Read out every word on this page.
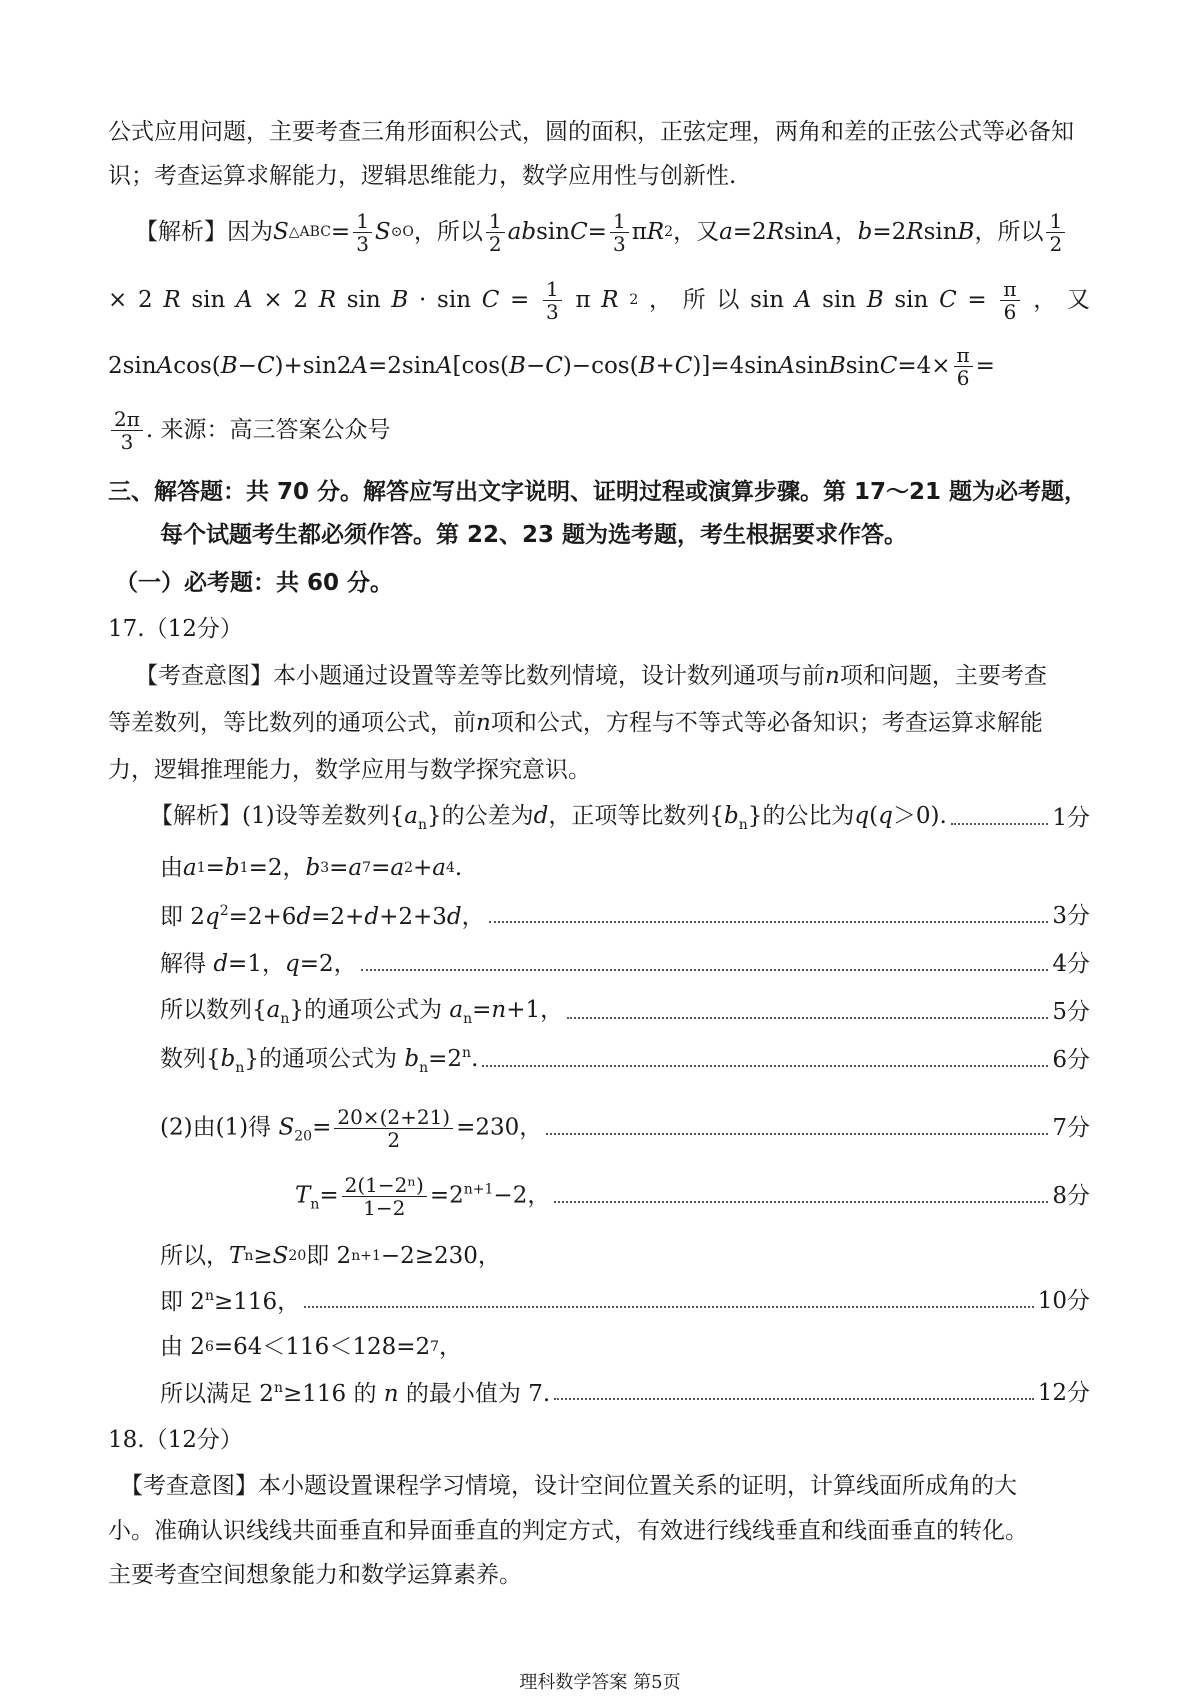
公式应用问题，主要考查三角形面积公式，圆的面积，正弦定理，两角和差的正弦公式等必备知
识；考查运算求解能力，逻辑思维能力，数学应用性与创新性.
【解析】因为 S △ABC = $\frac{1}{3}$ S ⊙O ，所以 $\frac{1}{2}$ ab $\sin C = \frac{1}{3}$ π R 2 ，又 a =2 R sin A ， b =2 R sin B ，所以 $\frac{1}{2}$
× 2 R sin A × 2 R $\sin B \cdot \sin C = \frac{1}{3}$ π R 2 ， 所 以 sin A sin B $\sin C = \frac{\pi}{6}$ ， 又
2sin A cos( B − C )+sin2 A =2sin A [cos( B − C )−cos( B + C )]=4sin A sin B $\sin C =4\times \frac{\pi}{6}$ =
$\frac{2\pi}{3}$ . 来源：高三答案公众号
三、解答题：共 70 分。解答应写出文字说明、证明过程或演算步骤。第 17～21 题为必考题，
每个试题考生都必须作答。第 22、23 题为选考题，考生根据要求作答。
（一）必考题：共 60 分。
17.（12分）
【考查意图】本小题通过设置等差等比数列情境，设计数列通项与前 n 项和问题，主要考查
等差数列，等比数列的通项公式，前 n 项和公式，方程与不等式等必备知识；考查运算求解能
力，逻辑推理能力，数学应用与数学探究意识。
【解析】(1)设等差数列$\{a_n\}$的公差为d，正项等比数列$\{b_n\}$的公比为q(q＞0).	1分
由 a 1 = b 1 =2， b 3 = a 7 = a 2 + a 4 .
即 $2q^2=2+6d=2+d+2+3d$，	3分
解得 d=1，q=2，	4分
所以数列$\{a_n\}$的通项公式为 $a_n=n+1$，	5分
数列$\{b_n\}$的通项公式为 $b_n=2^n$.	6分
(2)由(1)得 $S_{20}= \frac{20\times(2+21)}{2} =230$，	7分
$T_n= \frac{\text{2(1−2ⁿ)}}{1-2} =2^{n+1}-2$，	8分
所以， T n ≥ S 20 即 2 n+1 −2≥230，
即 $2^n\ge 116$，	10分
由 2 6 =64＜116＜128=2 7 ，
所以满足 $2^n\ge 116$ 的 n 的最小值为 7.	12分
18.（12分）
【考查意图】本小题设置课程学习情境，设计空间位置关系的证明，计算线面所成角的大
小。准确认识线线共面垂直和异面垂直的判定方式，有效进行线线垂直和线面垂直的转化。
主要考查空间想象能力和数学运算素养。
理科数学答案 第5页
